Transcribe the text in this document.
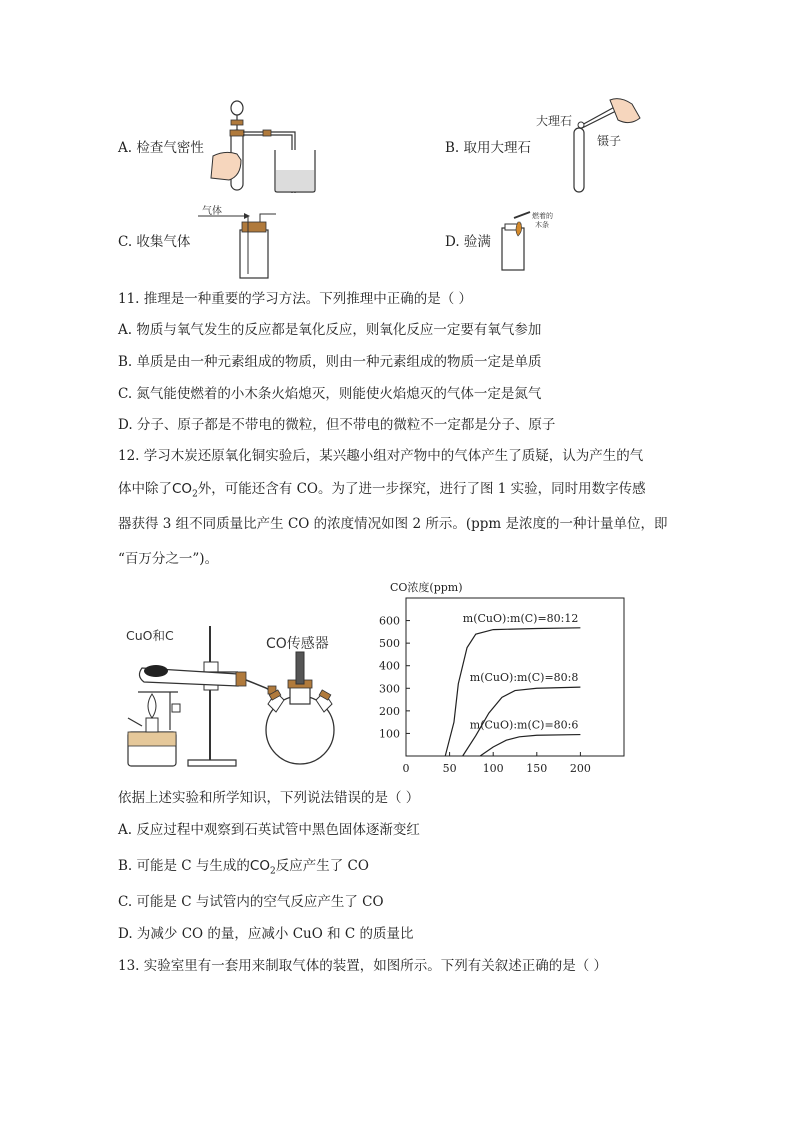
A. 检查气密性
大理石
镊子
B. 取用大理石
气体
C. 收集气体
燃着的
木条
D. 验满
11. 推理是一种重要的学习方法。下列推理中正确的是（ ）
A. 物质与氧气发生的反应都是氧化反应，则氧化反应一定要有氧气参加
B. 单质是由一种元素组成的物质，则由一种元素组成的物质一定是单质
C. 氮气能使燃着的小木条火焰熄灭，则能使火焰熄灭的气体一定是氮气
D. 分子、原子都是不带电的微粒，但不带电的微粒不一定都是分子、原子
12. 学习木炭还原氧化铜实验后，某兴趣小组对产物中的气体产生了质疑，认为产生的气
体中除了$CO_2$外，可能还含有 CO。为了进一步探究，进行了图 1 实验，同时用数字传感
器获得 3 组不同质量比产生 CO 的浓度情况如图 2 所示。(ppm 是浓度的一种计量单位，即
“百万分之一”)。
CuO和C
CO传感器
CO浓度(ppm)
100
200
300
400
500
600
0	50 100 150 200
m(CuO):m(C)=80:12
m(CuO):m(C)=80:8
m(CuO):m(C)=80:6
依据上述实验和所学知识，下列说法错误的是（ ）
A. 反应过程中观察到石英试管中黑色固体逐渐变红
B. 可能是 C 与生成的$CO_2$反应产生了 CO
C. 可能是 C 与试管内的空气反应产生了 CO
D. 为减少 CO 的量，应减小 CuO 和 C 的质量比
13. 实验室里有一套用来制取气体的装置，如图所示。下列有关叙述正确的是（ ）
